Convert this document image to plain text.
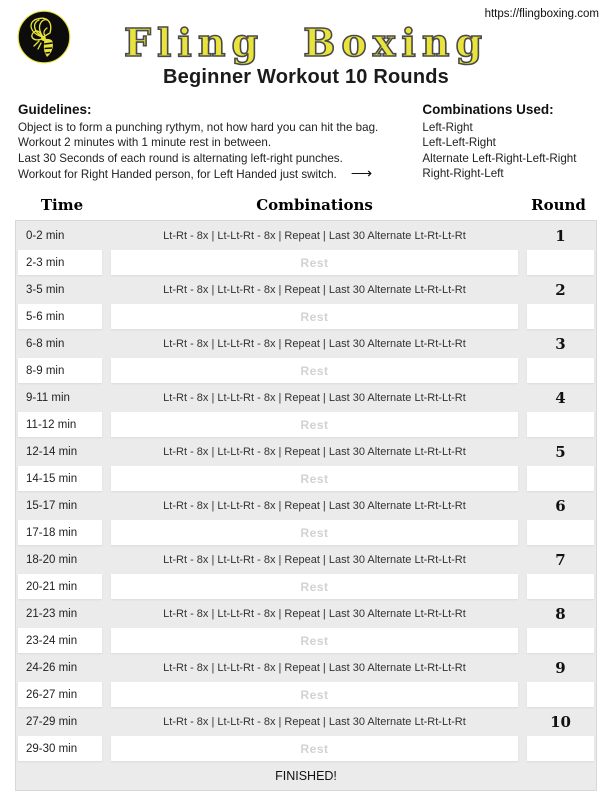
https://flingboxing.com
Fling Boxing
Beginner Workout 10 Rounds
Guidelines:
Object is to form a punching rythym, not how hard you can hit the bag.
Workout 2 minutes with 1 minute rest in between.
Last 30 Seconds of each round is alternating left-right punches.
Workout for Right Handed person, for Left Handed just switch. ⟶
Combinations Used:
Left-Right
Left-Left-Right
Alternate Left-Right-Left-Right
Right-Right-Left
Time	Combinations	Round
0-2 min	Lt-Rt - 8x | Lt-Lt-Rt - 8x | Repeat | Last 30 Alternate Lt-Rt-Lt-Rt	1
2-3 min	Rest
3-5 min	Lt-Rt - 8x | Lt-Lt-Rt - 8x | Repeat | Last 30 Alternate Lt-Rt-Lt-Rt	2
5-6 min	Rest
6-8 min	Lt-Rt - 8x | Lt-Lt-Rt - 8x | Repeat | Last 30 Alternate Lt-Rt-Lt-Rt	3
8-9 min	Rest
9-11 min	Lt-Rt - 8x | Lt-Lt-Rt - 8x | Repeat | Last 30 Alternate Lt-Rt-Lt-Rt	4
11-12 min	Rest
12-14 min	Lt-Rt - 8x | Lt-Lt-Rt - 8x | Repeat | Last 30 Alternate Lt-Rt-Lt-Rt	5
14-15 min	Rest
15-17 min	Lt-Rt - 8x | Lt-Lt-Rt - 8x | Repeat | Last 30 Alternate Lt-Rt-Lt-Rt	6
17-18 min	Rest
18-20 min	Lt-Rt - 8x | Lt-Lt-Rt - 8x | Repeat | Last 30 Alternate Lt-Rt-Lt-Rt	7
20-21 min	Rest
21-23 min	Lt-Rt - 8x | Lt-Lt-Rt - 8x | Repeat | Last 30 Alternate Lt-Rt-Lt-Rt	8
23-24 min	Rest
24-26 min	Lt-Rt - 8x | Lt-Lt-Rt - 8x | Repeat | Last 30 Alternate Lt-Rt-Lt-Rt	9
26-27 min	Rest
27-29 min	Lt-Rt - 8x | Lt-Lt-Rt - 8x | Repeat | Last 30 Alternate Lt-Rt-Lt-Rt	10
29-30 min	Rest
FINISHED!
